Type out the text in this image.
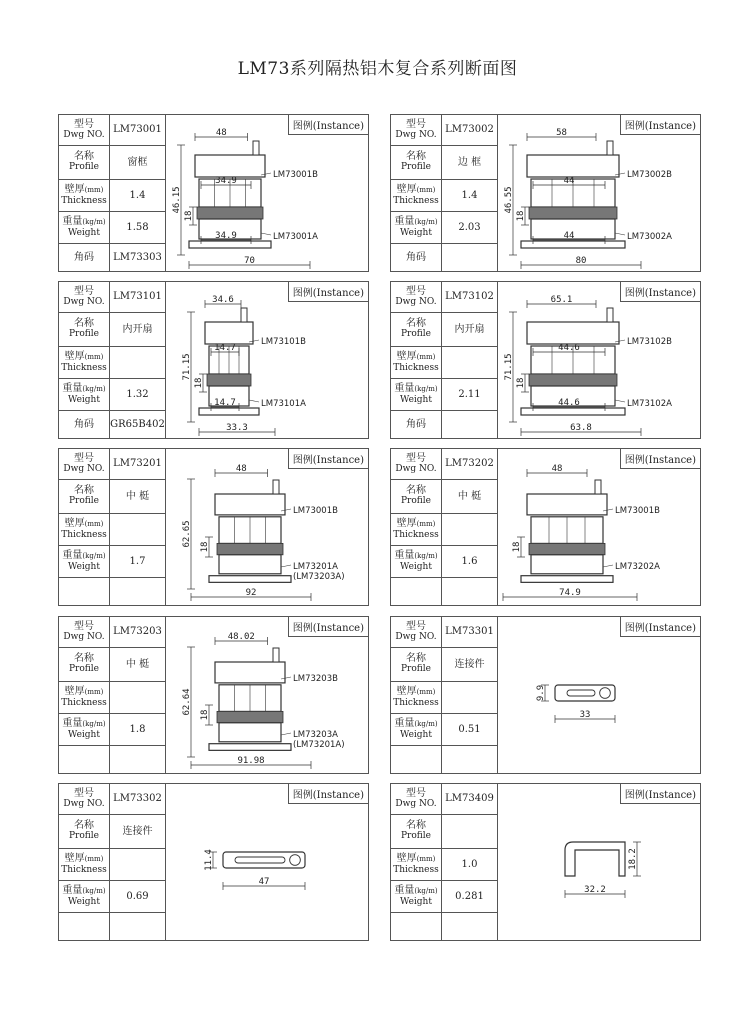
LM73系列隔热铝木复合系列断面图
型号
Dwg NO.	LM73001

名称
Profile	窗框

壁厚(mm)
Thickness	1.4

重量(kg/m)
Weight	1.58

角码	LM73303
图例(Instance)
48
34.9
34.9
70
46.15
18
LM73001B
LM73001A
型号
Dwg NO.	LM73002

名称
Profile	边 框

壁厚(mm)
Thickness	1.4

重量(kg/m)
Weight	2.03

角码	

图例(Instance)
58
44
44
80
46.55
18
LM73002B
LM73002A
型号
Dwg NO.	LM73101

名称
Profile	内开扇

壁厚(mm)
Thickness	

重量(kg/m)
Weight	1.32

角码	GR65B402
图例(Instance)
34.6
14.7
14.7
33.3
71.15
18
LM73101B
LM73101A
型号
Dwg NO.	LM73102

名称
Profile	内开扇

壁厚(mm)
Thickness	

重量(kg/m)
Weight	2.11

角码	

图例(Instance)
65.1
44.6
44.6
63.8
71.15
18
LM73102B
LM73102A
型号
Dwg NO.	LM73201

名称
Profile	中 梃

壁厚(mm)
Thickness	

重量(kg/m)
Weight	1.7

图例(Instance)
48
92
62.65 18
LM73001B
LM73201A
(LM73203A)
型号
Dwg NO.	LM73202

名称
Profile	中 梃

壁厚(mm)
Thickness	

重量(kg/m)
Weight	1.6

图例(Instance)
48
74.9
18
LM73001B
LM73202A
型号
Dwg NO.	LM73203

名称
Profile	中 梃

壁厚(mm)
Thickness	

重量(kg/m)
Weight	1.8

图例(Instance)
48.02
91.98
62.64 18
LM73203B
LM73203A
(LM73201A)
型号
Dwg NO.	LM73301

名称
Profile	连接件

壁厚(mm)
Thickness	

重量(kg/m)
Weight	0.51

图例(Instance)
33
9.9
型号
Dwg NO.	LM73302

名称
Profile	连接件

壁厚(mm)
Thickness	

重量(kg/m)
Weight	0.69

图例(Instance)
47
11.4
型号
Dwg NO.	LM73409

名称
Profile	

壁厚(mm)
Thickness	1.0

重量(kg/m)
Weight	0.281

图例(Instance)
32.2
18.2
